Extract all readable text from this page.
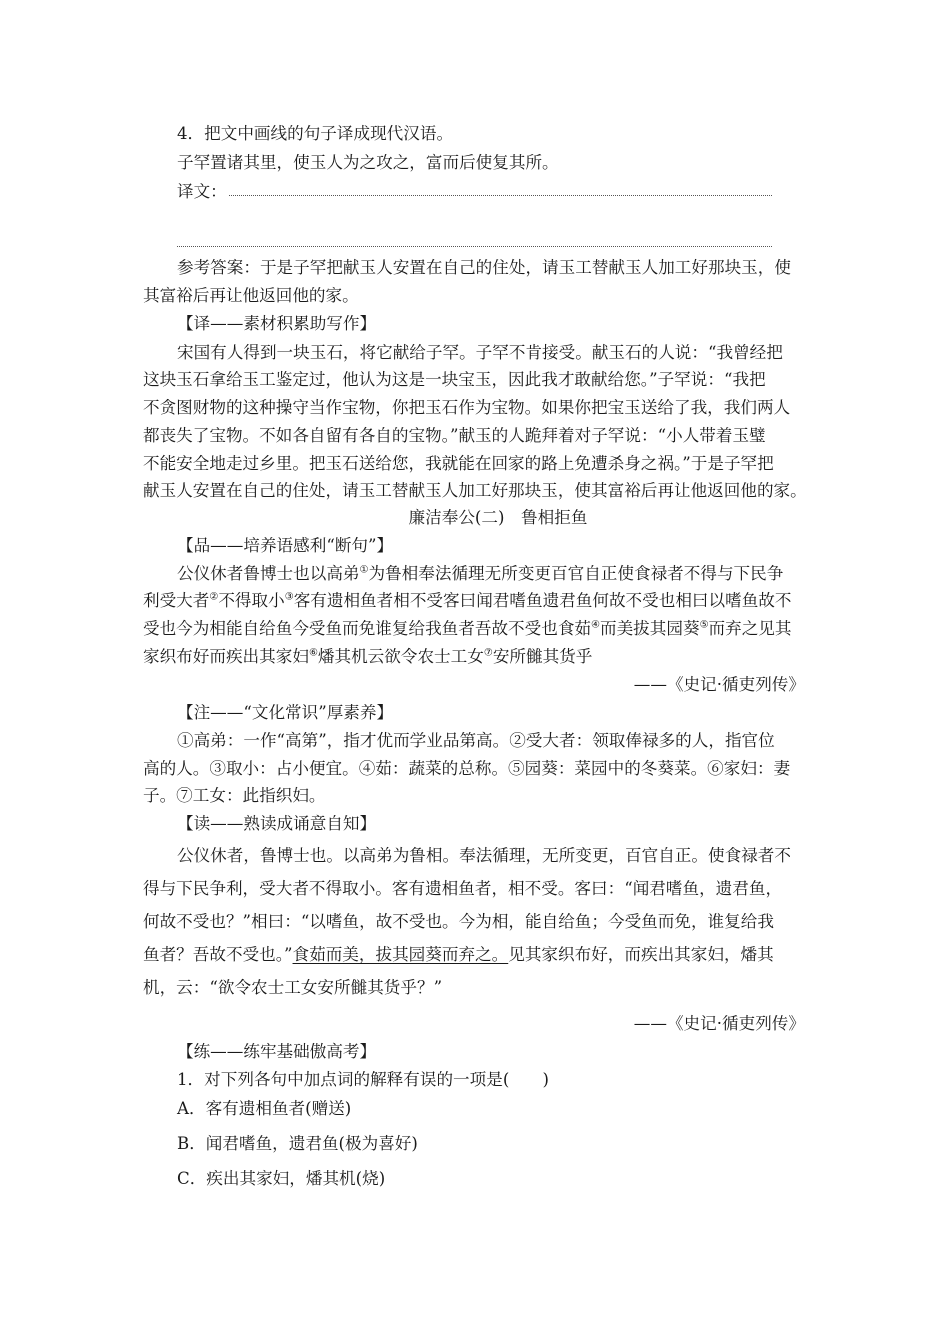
4．把文中画线的句子译成现代汉语。
子罕置诸其里，使玉人为之攻之，富而后使复其所。
译文：
参考答案：于是子罕把献玉人安置在自己的住处，请玉工替献玉人加工好那块玉，使
其富裕后再让他返回他的家。
【译——素材积累助写作】
宋国有人得到一块玉石，将它献给子罕。子罕不肯接受。献玉石的人说：“我曾经把
这块玉石拿给玉工鉴定过，他认为这是一块宝玉，因此我才敢献给您。”子罕说：“我把
不贪图财物的这种操守当作宝物，你把玉石作为宝物。如果你把宝玉送给了我，我们两人
都丧失了宝物。不如各自留有各自的宝物。”献玉的人跪拜着对子罕说：“小人带着玉璧
不能安全地走过乡里。把玉石送给您，我就能在回家的路上免遭杀身之祸。”于是子罕把
献玉人安置在自己的住处，请玉工替献玉人加工好那块玉，使其富裕后再让他返回他的家。
廉洁奉公(二)　鲁相拒鱼
【品——培养语感利“断句”】
公仪休者鲁博士也以高弟①为鲁相奉法循理无所变更百官自正使食禄者不得与下民争
利受大者②不得取小③客有遗相鱼者相不受客曰闻君嗜鱼遗君鱼何故不受也相曰以嗜鱼故不
受也今为相能自给鱼今受鱼而免谁复给我鱼者吾故不受也食茹④而美拔其园葵⑤而弃之见其
家织布好而疾出其家妇⑥燔其机云欲令农士工女⑦安所雠其货乎
——《史记·循吏列传》
【注——“文化常识”厚素养】
①高弟：一作“高第”，指才优而学业品第高。②受大者：领取俸禄多的人，指官位
高的人。③取小：占小便宜。④茹：蔬菜的总称。⑤园葵：菜园中的冬葵菜。⑥家妇：妻
子。⑦工女：此指织妇。
【读——熟读成诵意自知】
公仪休者，鲁博士也。以高弟为鲁相。奉法循理，无所变更，百官自正。使食禄者不
得与下民争利，受大者不得取小。客有遗相鱼者，相不受。客曰：“闻君嗜鱼，遗君鱼，
何故不受也？”相曰：“以嗜鱼，故不受也。今为相，能自给鱼；今受鱼而免，谁复给我
鱼者？吾故不受也。”食茹而美，拔其园葵而弃之。见其家织布好，而疾出其家妇，燔其
机，云：“欲令农士工女安所雠其货乎？”
——《史记·循吏列传》
【练——练牢基础傲高考】
1．对下列各句中加点词的解释有误的一项是(　　)
A．客有遗相鱼者(赠送)
B．闻君嗜鱼，遗君鱼(极为喜好)
C．疾出其家妇，燔其机(烧)
